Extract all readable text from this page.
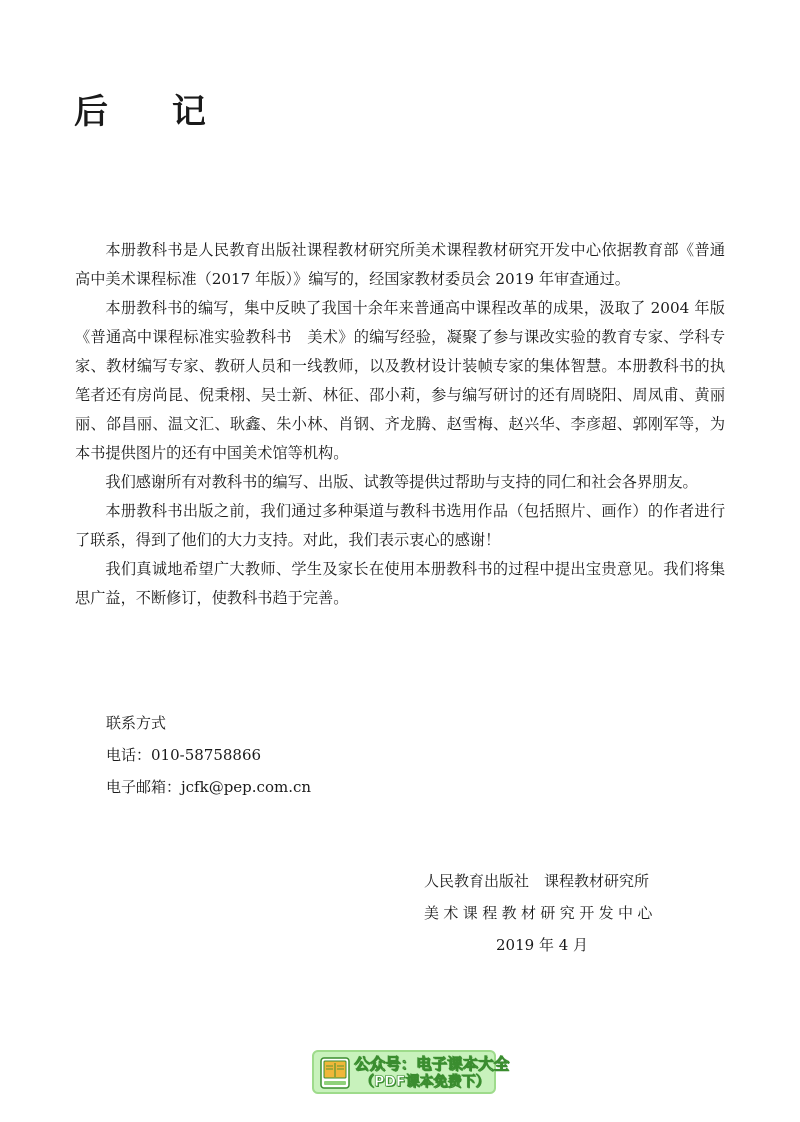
后 记

本册教科书是人民教育出版社课程教材研究所美术课程教材研究开发中心依据教育部《普通高中美术课程标准（2017 年版）》编写的，经国家教材委员会 2019 年审查通过。

本册教科书的编写，集中反映了我国十余年来普通高中课程改革的成果，汲取了 2004 年版《普通高中课程标准实验教科书　美术》的编写经验，凝聚了参与课改实验的教育专家、学科专家、教材编写专家、教研人员和一线教师，以及教材设计装帧专家的集体智慧。本册教科书的执笔者还有房尚昆、倪秉栩、吴士新、林征、邵小莉，参与编写研讨的还有周晓阳、周凤甫、黄丽丽、郃昌丽、温文汇、耿鑫、朱小林、肖钢、齐龙腾、赵雪梅、赵兴华、李彦超、郭刚军等，为本书提供图片的还有中国美术馆等机构。

我们感谢所有对教科书的编写、出版、试教等提供过帮助与支持的同仁和社会各界朋友。

本册教科书出版之前，我们通过多种渠道与教科书选用作品（包括照片、画作）的作者进行了联系，得到了他们的大力支持。对此，我们表示衷心的感谢！

我们真诚地希望广大教师、学生及家长在使用本册教科书的过程中提出宝贵意见。我们将集思广益，不断修订，使教科书趋于完善。

联系方式
电话：010-58758866
电子邮箱：jcfk@pep.com.cn
人民教育出版社　课程教材研究所
美术课程教材研究开发中心
2019 年 4 月
公众号：电子课本大全
（PDF课本免费下）
